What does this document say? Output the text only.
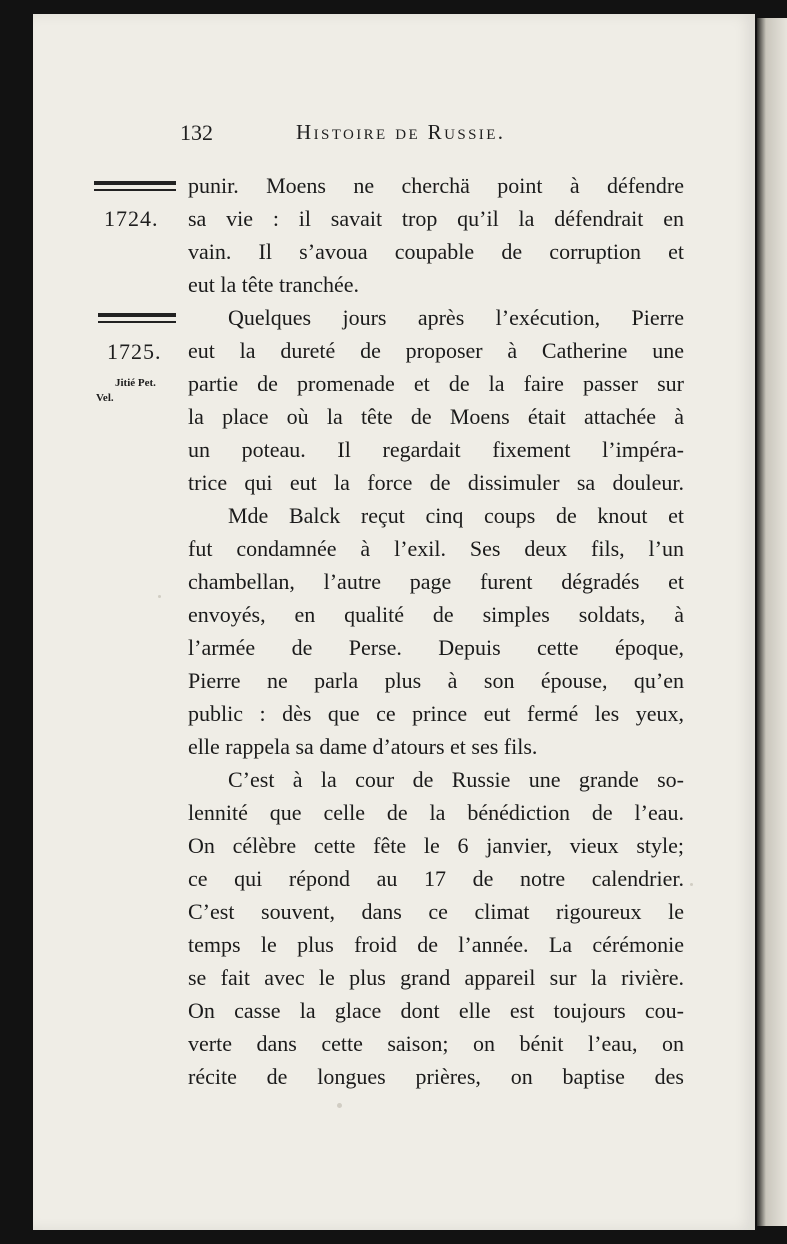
132	Histoire de Russie.
1724.
1725.
Jitié Pet.
Vel.
punir. Moens ne cherchä point à défendre
sa vie : il savait trop qu’il la défendrait en
vain. Il s’avoua coupable de corruption et
eut la tête tranchée.
Quelques jours après l’exécution, Pierre
eut la dureté de proposer à Catherine une
partie de promenade et de la faire passer sur
la place où la tête de Moens était attachée à
un poteau. Il regardait fixement l’impéra-
trice qui eut la force de dissimuler sa douleur.
Mde Balck reçut cinq coups de knout et
fut condamnée à l’exil. Ses deux fils, l’un
chambellan, l’autre page furent dégradés et
envoyés, en qualité de simples soldats, à
l’armée de Perse. Depuis cette époque,
Pierre ne parla plus à son épouse, qu’en
public : dès que ce prince eut fermé les yeux,
elle rappela sa dame d’atours et ses fils.
C’est à la cour de Russie une grande so-
lennité que celle de la bénédiction de l’eau.
On célèbre cette fête le 6 janvier, vieux style;
ce qui répond au 17 de notre calendrier.
C’est souvent, dans ce climat rigoureux le
temps le plus froid de l’année. La cérémonie
se fait avec le plus grand appareil sur la rivière.
On casse la glace dont elle est toujours cou-
verte dans cette saison; on bénit l’eau, on
récite de longues prières, on baptise des
